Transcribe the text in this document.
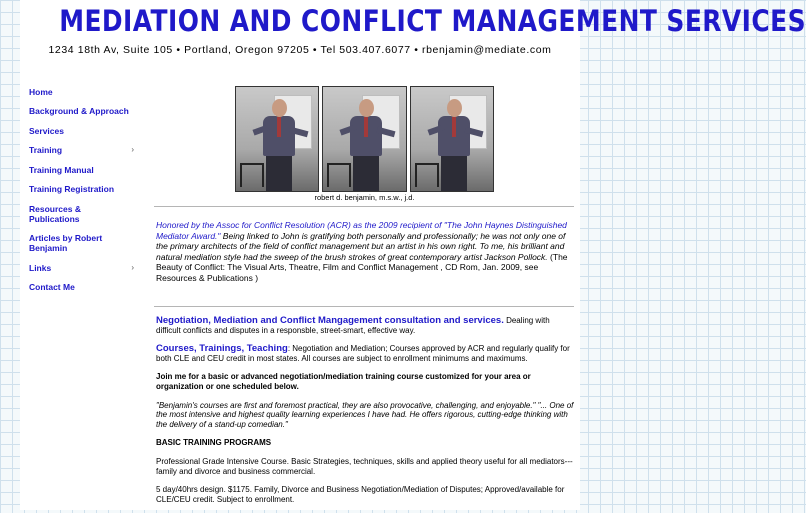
MEDIATION AND CONFLICT MANAGEMENT SERVICES
1234 18th Av, Suite 105 • Portland, Oregon 97205 • Tel 503.407.6077 • rbenjamin@mediate.com
Home
Background & Approach
Services
Training	›
Training Manual
Training Registration
Resources & Publications
Articles by Robert Benjamin
Links	›
Contact Me
robert d. benjamin, m.s.w., j.d.
Honored by the Assoc for Conflict Resolution (ACR) as the 2009 recipient of "The John Haynes Distinguished Mediator Award." Being linked to John is gratifying both personally and professionally; he was not only one of the primary architects of the field of conflict management but an artist in his own right. To me, his brilliant and natural mediation style had the sweep of the brush strokes of great contemporary artist Jackson Pollock. (The Beauty of Conflict: The Visual Arts, Theatre, Film and Conflict Management , CD Rom, Jan. 2009, see Resources & Publications )

Negotiation, Mediation and Conflict Mangagement consultation and services. Dealing with difficult conflicts and disputes in a responsble, street-smart, effective way.

Courses, Trainings, Teaching: Negotiation and Mediation; Courses approved by ACR and regularly qualify for both CLE and CEU credit in most states. All courses are subject to enrollment minimums and maximums.

Join me for a basic or advanced negotiation/mediation training course customized for your area or organization or one scheduled below.

"Benjamin's courses are first and foremost practical, they are also provocative, challenging, and enjoyable." "... One of the most intensive and highest quality learning experiences I have had. He offers rigorous, cutting-edge thinking with the delivery of a stand-up comedian."

BASIC TRAINING PROGRAMS

Professional Grade Intensive Course. Basic Strategies, techniques, skills and applied theory useful for all mediators---family and divorce and business commercial.

5 day/40hrs design. $1175. Family, Divorce and Business Negotiation/Mediation of Disputes; Approved/available for CLE/CEU credit. Subject to enrollment.
